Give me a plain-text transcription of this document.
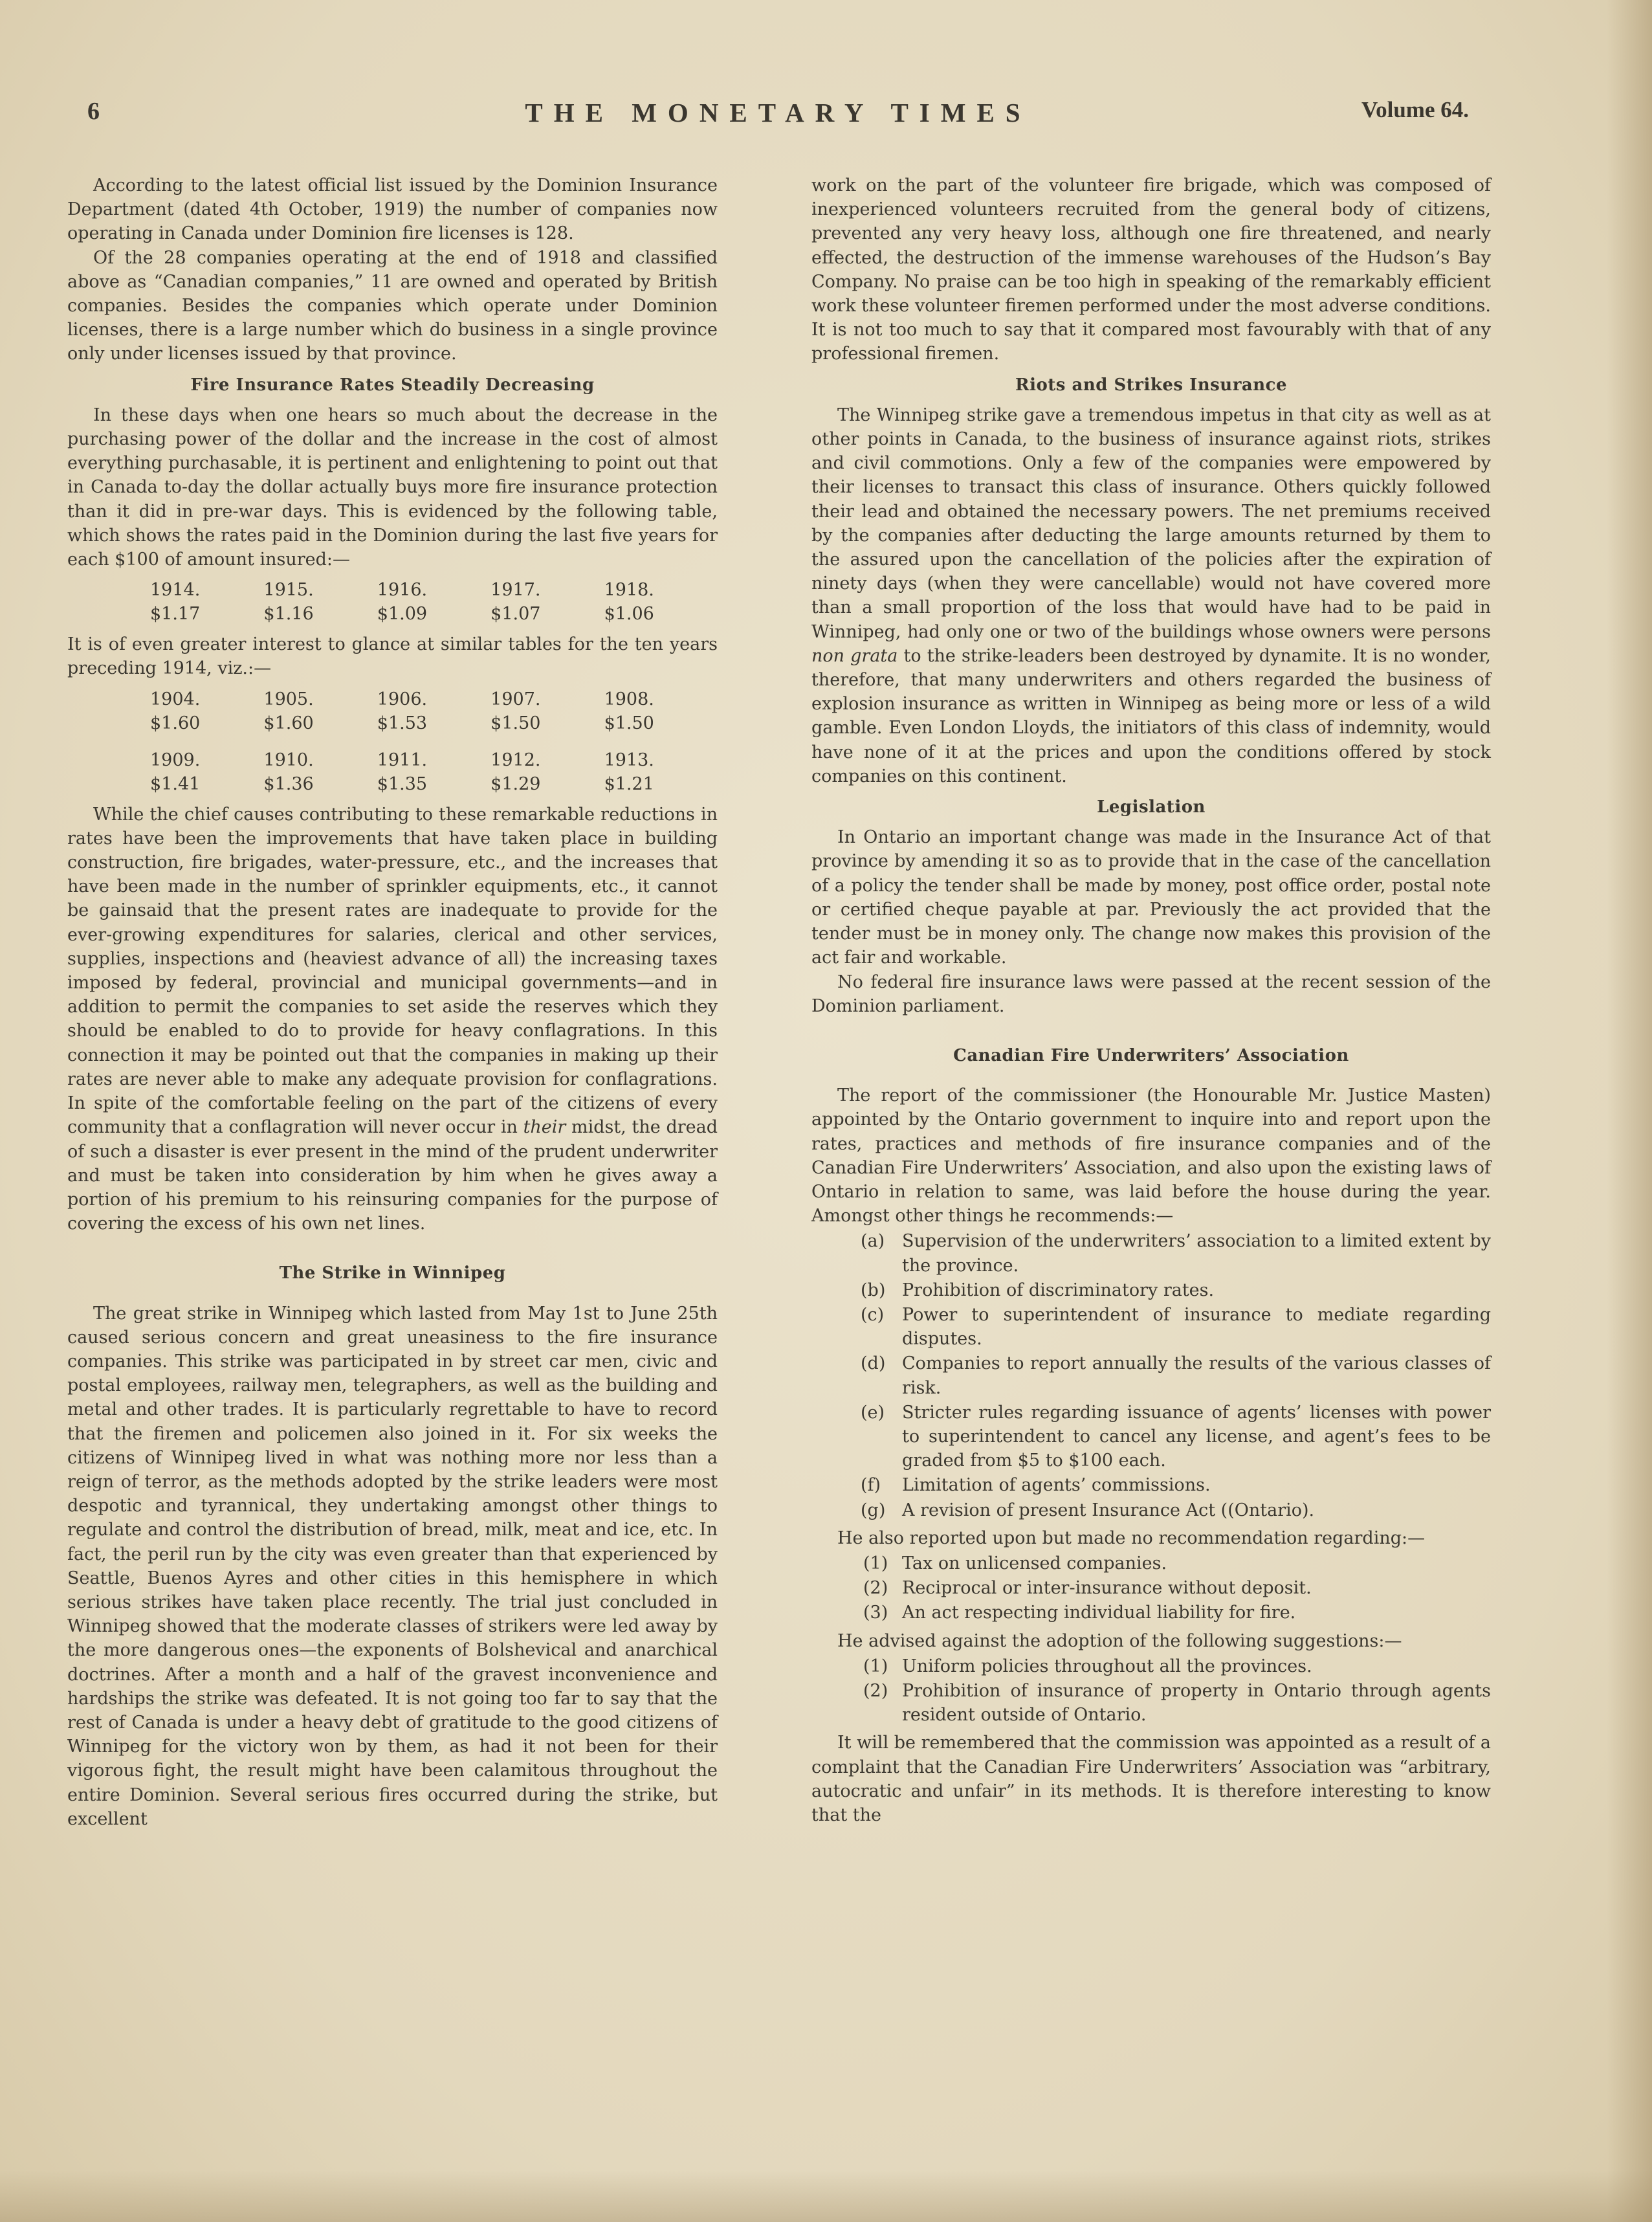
6	THE MONETARY TIMES	Volume 64.

According to the latest official list issued by the Dominion Insurance Department (dated 4th October, 1919) the number of companies now operating in Canada under Dominion fire licenses is 128.

Of the 28 companies operating at the end of 1918 and classified above as “Canadian companies,” 11 are owned and operated by British companies. Besides the companies which operate under Dominion licenses, there is a large number which do business in a single province only under licenses issued by that province.

Fire Insurance Rates Steadily Decreasing

In these days when one hears so much about the decrease in the purchasing power of the dollar and the increase in the cost of almost everything purchasable, it is pertinent and enlightening to point out that in Canada to-day the dollar actually buys more fire insurance protection than it did in pre-war days. This is evidenced by the following table, which shows the rates paid in the Dominion during the last five years for each $100 of amount insured:—

1914.	1915.	1916.	1917.	1918.
$1.17	$1.16	$1.09	$1.07	$1.06

It is of even greater interest to glance at similar tables for the ten years preceding 1914, viz.:—

1904.	1905.	1906.	1907.	1908.
$1.60	$1.60	$1.53	$1.50	$1.50
1909.	1910.	1911.	1912.	1913.
$1.41	$1.36	$1.35	$1.29	$1.21

While the chief causes contributing to these remarkable reductions in rates have been the improvements that have taken place in building construction, fire brigades, water-pressure, etc., and the increases that have been made in the number of sprinkler equipments, etc., it cannot be gainsaid that the present rates are inadequate to provide for the ever-growing expenditures for salaries, clerical and other services, supplies, inspections and (heaviest advance of all) the increasing taxes imposed by federal, provincial and municipal governments—and in addition to permit the companies to set aside the reserves which they should be enabled to do to provide for heavy conflagrations. In this connection it may be pointed out that the companies in making up their rates are never able to make any adequate provision for conflagrations. In spite of the comfortable feeling on the part of the citizens of every community that a conflagration will never occur in their midst, the dread of such a disaster is ever present in the mind of the prudent underwriter and must be taken into consideration by him when he gives away a portion of his premium to his reinsuring companies for the purpose of covering the excess of his own net lines.

The Strike in Winnipeg

The great strike in Winnipeg which lasted from May 1st to June 25th caused serious concern and great uneasiness to the fire insurance companies. This strike was participated in by street car men, civic and postal employees, railway men, telegraphers, as well as the building and metal and other trades. It is particularly regrettable to have to record that the firemen and policemen also joined in it. For six weeks the citizens of Winnipeg lived in what was nothing more nor less than a reign of terror, as the methods adopted by the strike leaders were most despotic and tyrannical, they undertaking amongst other things to regulate and control the distribution of bread, milk, meat and ice, etc. In fact, the peril run by the city was even greater than that experienced by Seattle, Buenos Ayres and other cities in this hemisphere in which serious strikes have taken place recently. The trial just concluded in Winnipeg showed that the moderate classes of strikers were led away by the more dangerous ones—the exponents of Bolshevical and anarchical doctrines. After a month and a half of the gravest inconvenience and hardships the strike was defeated. It is not going too far to say that the rest of Canada is under a heavy debt of gratitude to the good citizens of Winnipeg for the victory won by them, as had it not been for their vigorous fight, the result might have been calamitous throughout the entire Dominion. Several serious fires occurred during the strike, but excellent

work on the part of the volunteer fire brigade, which was composed of inexperienced volunteers recruited from the general body of citizens, prevented any very heavy loss, although one fire threatened, and nearly effected, the destruction of the immense warehouses of the Hudson’s Bay Company. No praise can be too high in speaking of the remarkably efficient work these volunteer firemen performed under the most adverse conditions. It is not too much to say that it compared most favourably with that of any professional firemen.

Riots and Strikes Insurance

The Winnipeg strike gave a tremendous impetus in that city as well as at other points in Canada, to the business of insurance against riots, strikes and civil commotions. Only a few of the companies were empowered by their licenses to transact this class of insurance. Others quickly followed their lead and obtained the necessary powers. The net premiums received by the companies after deducting the large amounts returned by them to the assured upon the cancellation of the policies after the expiration of ninety days (when they were cancellable) would not have covered more than a small proportion of the loss that would have had to be paid in Winnipeg, had only one or two of the buildings whose owners were persons non grata to the strike-leaders been destroyed by dynamite. It is no wonder, therefore, that many underwriters and others regarded the business of explosion insurance as written in Winnipeg as being more or less of a wild gamble. Even London Lloyds, the initiators of this class of indemnity, would have none of it at the prices and upon the conditions offered by stock companies on this continent.

Legislation

In Ontario an important change was made in the Insurance Act of that province by amending it so as to provide that in the case of the cancellation of a policy the tender shall be made by money, post office order, postal note or certified cheque payable at par. Previously the act provided that the tender must be in money only. The change now makes this provision of the act fair and workable.

No federal fire insurance laws were passed at the recent session of the Dominion parliament.

Canadian Fire Underwriters’ Association

The report of the commissioner (the Honourable Mr. Justice Masten) appointed by the Ontario government to inquire into and report upon the rates, practices and methods of fire insurance companies and of the Canadian Fire Underwriters’ Association, and also upon the existing laws of Ontario in relation to same, was laid before the house during the year. Amongst other things he recommends:—

(a) Supervision of the underwriters’ association to a limited extent by the province.
(b) Prohibition of discriminatory rates.
(c) Power to superintendent of insurance to mediate regarding disputes.
(d) Companies to report annually the results of the various classes of risk.
(e) Stricter rules regarding issuance of agents’ licenses with power to superintendent to cancel any license, and agent’s fees to be graded from $5 to $100 each.
(f) Limitation of agents’ commissions.
(g) A revision of present Insurance Act ((Ontario).

He also reported upon but made no recommendation regarding:—

(1) Tax on unlicensed companies.
(2) Reciprocal or inter-insurance without deposit.
(3) An act respecting individual liability for fire.

He advised against the adoption of the following suggestions:—

(1) Uniform policies throughout all the provinces.
(2) Prohibition of insurance of property in Ontario through agents resident outside of Ontario.

It will be remembered that the commission was appointed as a result of a complaint that the Canadian Fire Underwriters’ Association was “arbitrary, autocratic and unfair” in its methods. It is therefore interesting to know that the
